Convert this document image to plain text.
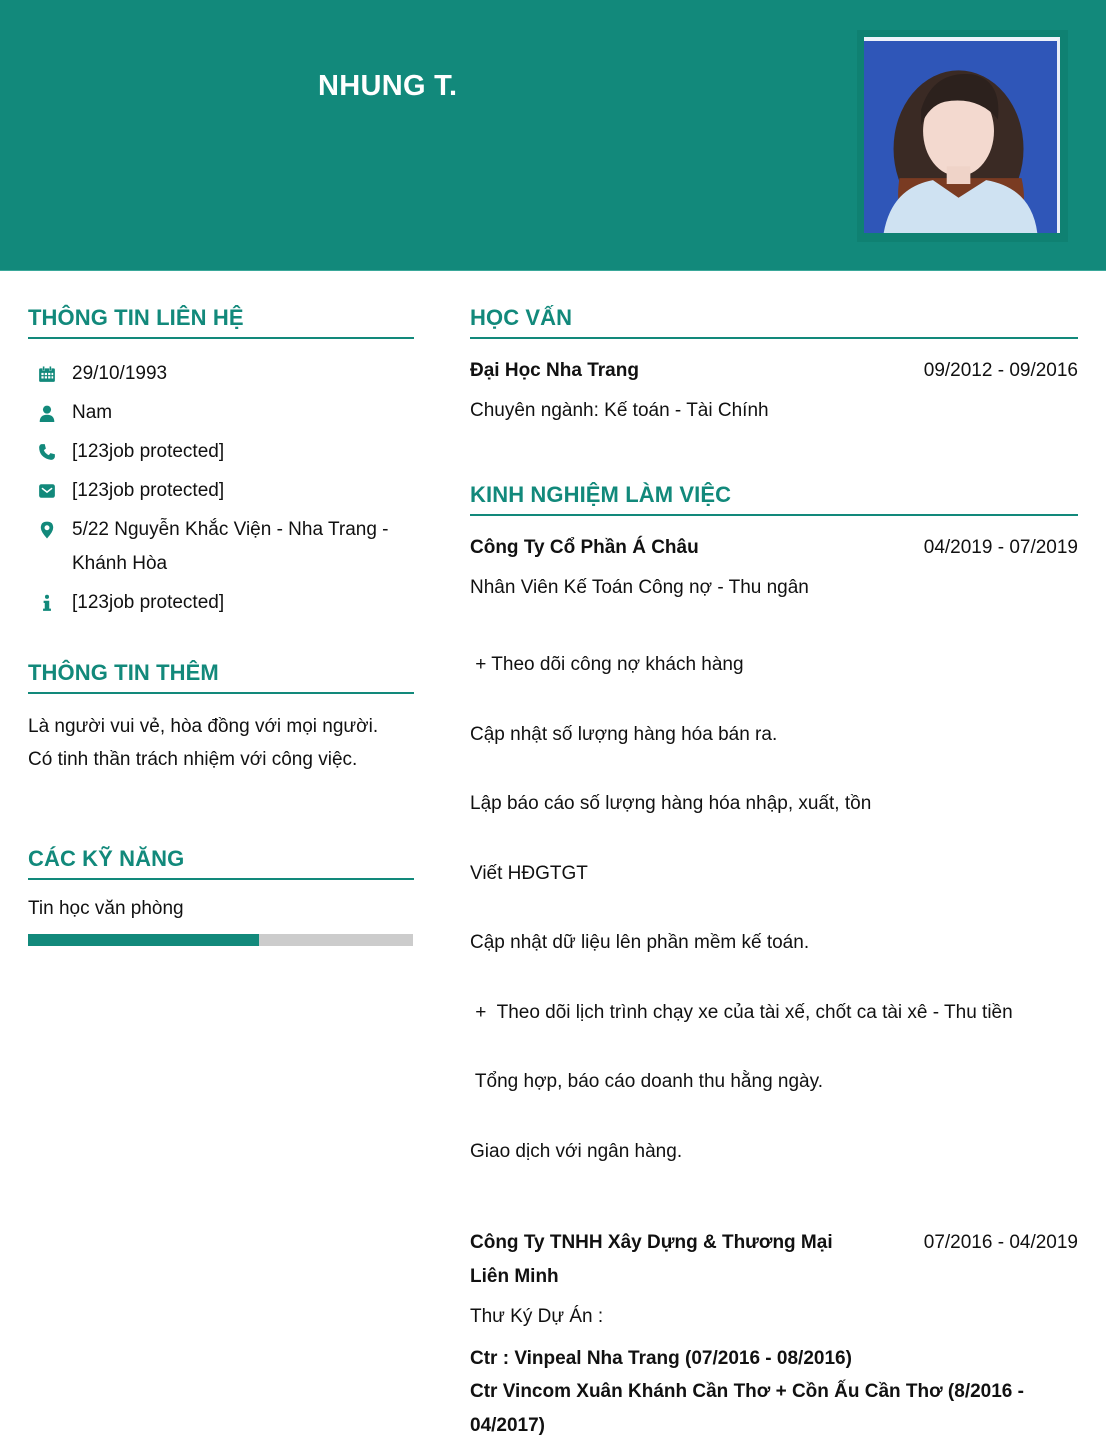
NHUNG T.
THÔNG TIN LIÊN HỆ
29/10/1993
Nam
[123job protected]
[123job protected]
5/22 Nguyễn Khắc Viện - Nha Trang - Khánh Hòa
[123job protected]
THÔNG TIN THÊM
Là người vui vẻ, hòa đồng với mọi người.
Có tinh thần trách nhiệm với công việc.
CÁC KỸ NĂNG
Tin học văn phòng
HỌC VẤN
Đại Học Nha Trang	09/2012 - 09/2016
Chuyên ngành: Kế toán - Tài Chính
KINH NGHIỆM LÀM VIỆC
Công Ty Cổ Phần Á Châu	04/2019 - 07/2019
Nhân Viên Kế Toán Công nợ - Thu ngân

+ Theo dõi công nợ khách hàng

Cập nhật số lượng hàng hóa bán ra.

Lập báo cáo số lượng hàng hóa nhập, xuất, tồn

Viết HĐGTGT

Cập nhật dữ liệu lên phần mềm kế toán.

+  Theo dõi lịch trình chạy xe của tài xế, chốt ca tài xê - Thu tiền

Tổng hợp, báo cáo doanh thu hằng ngày.

Giao dịch với ngân hàng.

Công Ty TNHH Xây Dựng & Thương Mại Liên Minh
07/2016 - 04/2019
Thư Ký Dự Án :
Ctr : Vinpeal Nha Trang (07/2016 - 08/2016)
Ctr Vincom Xuân Khánh Cần Thơ + Cồn Ấu Cần Thơ (8/2016 - 04/2017)
